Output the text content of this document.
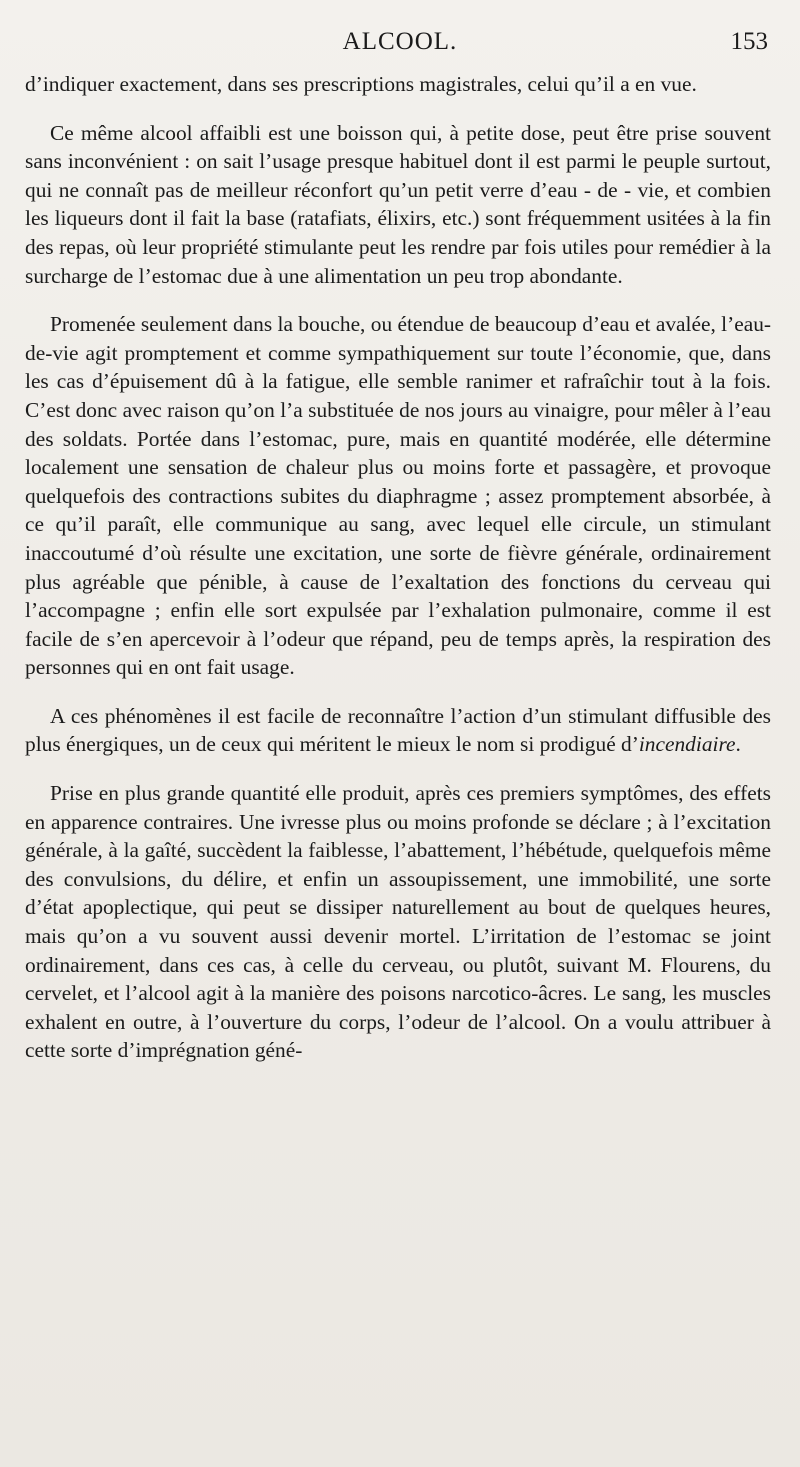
ALCOOL.	153

d’indiquer exactement, dans ses prescriptions magistrales, celui qu’il a en vue.

Ce même alcool affaibli est une boisson qui, à petite dose, peut être prise souvent sans inconvénient : on sait l’usage presque habituel dont il est parmi le peuple surtout, qui ne connaît pas de meilleur réconfort qu’un petit verre d’eau - de - vie, et combien les liqueurs dont il fait la base (ratafiats, élixirs, etc.) sont fréquemment usitées à la fin des repas, où leur propriété stimulante peut les rendre par fois utiles pour remédier à la surcharge de l’estomac due à une alimentation un peu trop abondante.

Promenée seulement dans la bouche, ou étendue de beaucoup d’eau et avalée, l’eau-de-vie agit promptement et comme sympathiquement sur toute l’économie, que, dans les cas d’épuisement dû à la fatigue, elle semble ranimer et rafraîchir tout à la fois. C’est donc avec raison qu’on l’a substituée de nos jours au vinaigre, pour mêler à l’eau des soldats. Portée dans l’estomac, pure, mais en quantité modérée, elle détermine localement une sensation de chaleur plus ou moins forte et passagère, et provoque quelquefois des contractions subites du diaphragme ; assez promptement absorbée, à ce qu’il paraît, elle communique au sang, avec lequel elle circule, un stimulant inaccoutumé d’où résulte une excitation, une sorte de fièvre générale, ordinairement plus agréable que pénible, à cause de l’exaltation des fonctions du cerveau qui l’accompagne ; enfin elle sort expulsée par l’exhalation pulmonaire, comme il est facile de s’en apercevoir à l’odeur que répand, peu de temps après, la respiration des personnes qui en ont fait usage.

A ces phénomènes il est facile de reconnaître l’action d’un stimulant diffusible des plus énergiques, un de ceux qui méritent le mieux le nom si prodigué d’incendiaire.

Prise en plus grande quantité elle produit, après ces premiers symptômes, des effets en apparence contraires. Une ivresse plus ou moins profonde se déclare ; à l’excitation générale, à la gaîté, succèdent la faiblesse, l’abattement, l’hébétude, quelquefois même des convulsions, du délire, et enfin un assoupissement, une immobilité, une sorte d’état apoplectique, qui peut se dissiper naturellement au bout de quelques heures, mais qu’on a vu souvent aussi devenir mortel. L’irritation de l’estomac se joint ordinairement, dans ces cas, à celle du cerveau, ou plutôt, suivant M. Flourens, du cervelet, et l’alcool agit à la manière des poisons narcotico-âcres. Le sang, les muscles exhalent en outre, à l’ouverture du corps, l’odeur de l’alcool. On a voulu attribuer à cette sorte d’imprégnation géné-
